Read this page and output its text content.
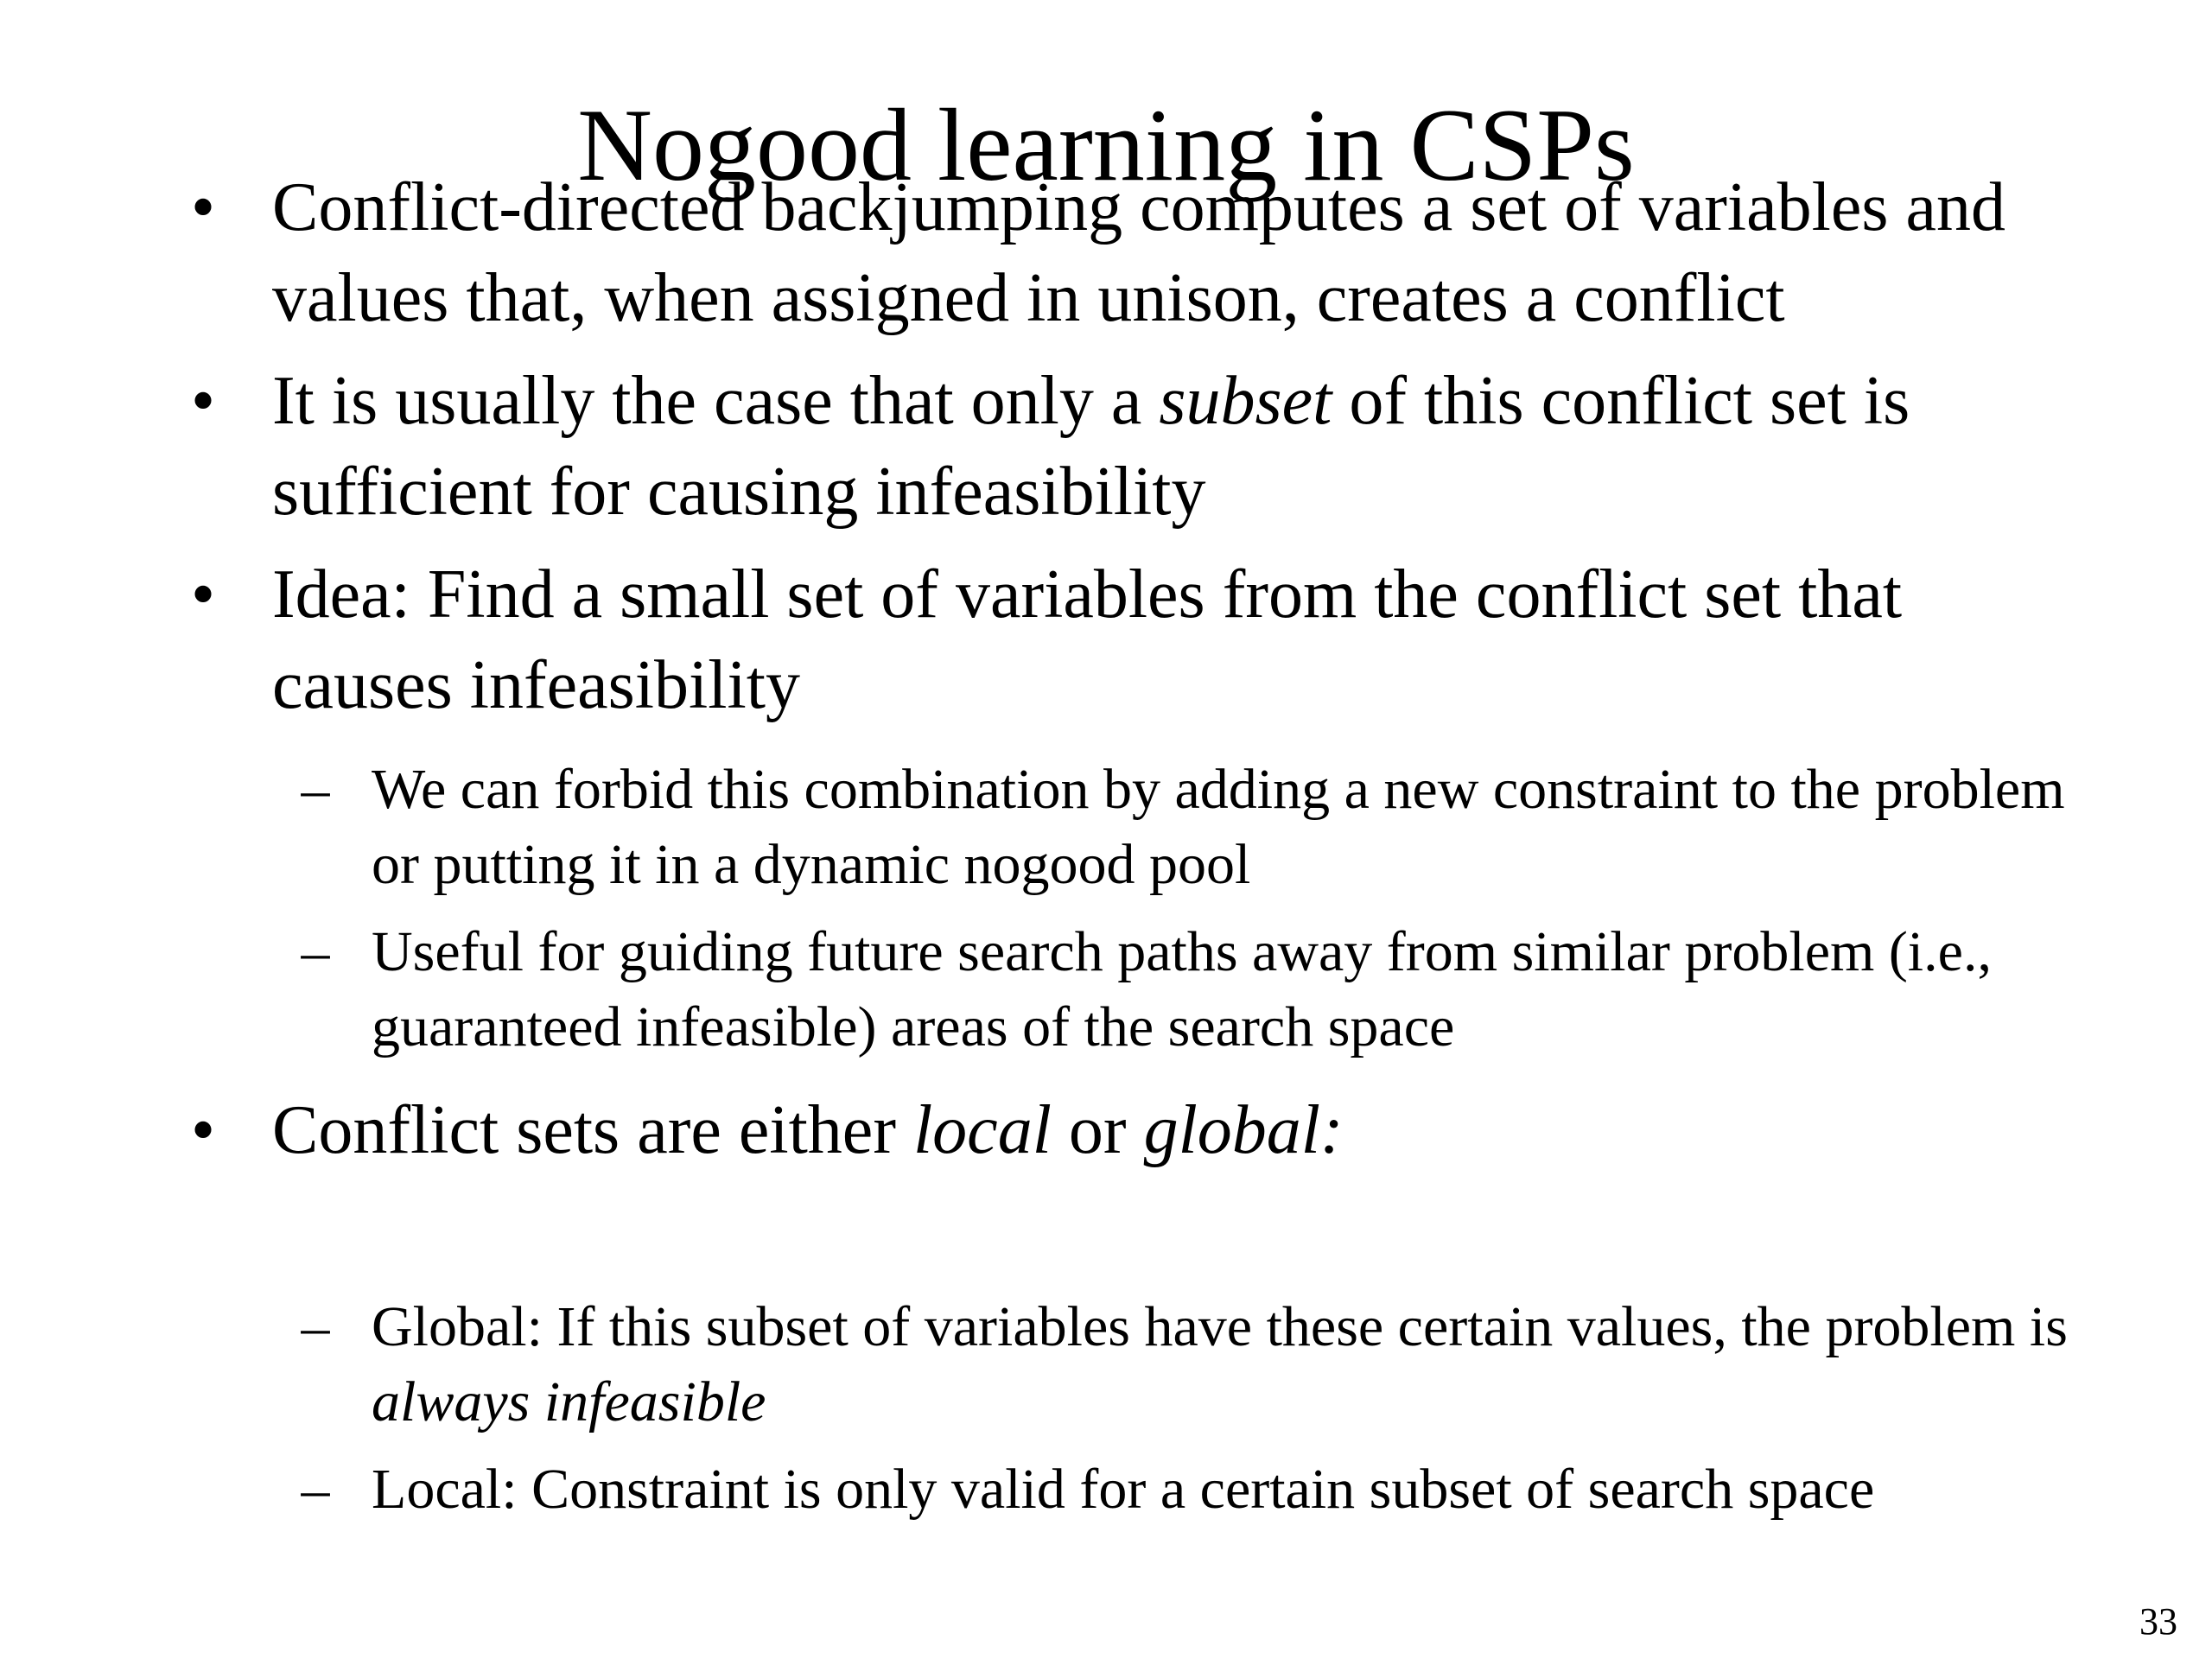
Nogood learning in CSPs
• Conflict-directed backjumping computes a set of variables and values that, when assigned in unison, creates a conflict
• It is usually the case that only a subset of this conflict set is sufficient for causing infeasibility
• Idea: Find a small set of variables from the conflict set that causes infeasibility
– We can forbid this combination by adding a new constraint to the problem or putting it in a dynamic nogood pool
– Useful for guiding future search paths away from similar problem (i.e., guaranteed infeasible) areas of the search space
• Conflict sets are either local or global:
– Global: If this subset of variables have these certain values, the problem is always infeasible
– Local: Constraint is only valid for a certain subset of search space
33
